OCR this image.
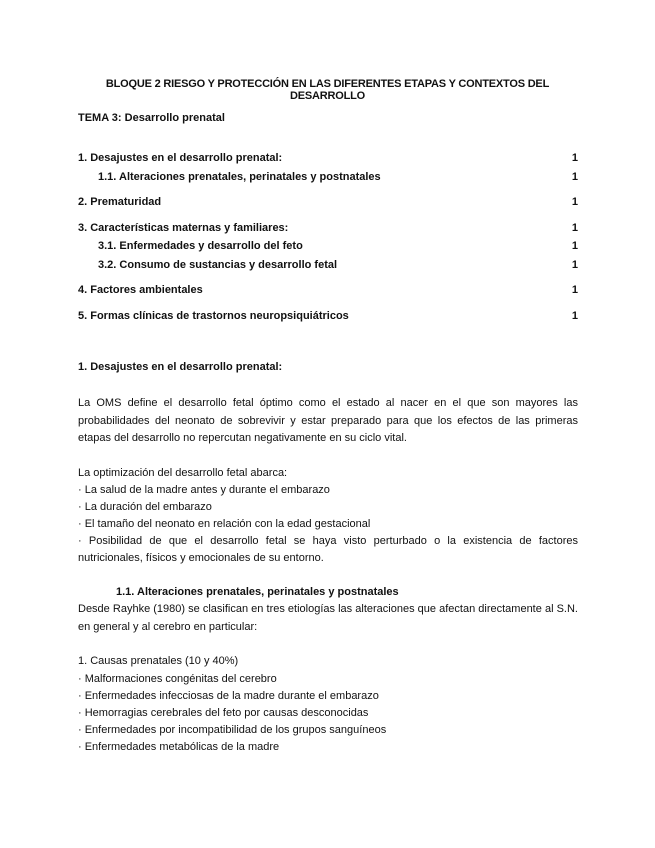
BLOQUE 2 RIESGO Y PROTECCIÓN EN LAS DIFERENTES ETAPAS Y CONTEXTOS DEL DESARROLLO
TEMA 3: Desarrollo prenatal
1. Desajustes en el desarrollo prenatal:	1
1.1. Alteraciones prenatales, perinatales y postnatales	1
2. Prematuridad	1
3. Características maternas y familiares:	1
3.1. Enfermedades y desarrollo del feto	1
3.2. Consumo de sustancias y desarrollo fetal	1
4. Factores ambientales	1
5. Formas clínicas de trastornos neuropsiquiátricos	1

1. Desajustes en el desarrollo prenatal:

La OMS define el desarrollo fetal óptimo como el estado al nacer en el que son mayores las probabilidades del neonato de sobrevivir y estar preparado para que los efectos de las primeras etapas del desarrollo no repercutan negativamente en su ciclo vital.

La optimización del desarrollo fetal abarca:

· La salud de la madre antes y durante el embarazo

· La duración del embarazo

· El tamaño del neonato en relación con la edad gestacional

· Posibilidad de que el desarrollo fetal se haya visto perturbado o la existencia de factores nutricionales, físicos y emocionales de su entorno.

1.1. Alteraciones prenatales, perinatales y postnatales

Desde Rayhke (1980) se clasifican en tres etiologías las alteraciones que afectan directamente al S.N. en general y al cerebro en particular:

1. Causas prenatales (10 y 40%)

· Malformaciones congénitas del cerebro

· Enfermedades infecciosas de la madre durante el embarazo

· Hemorragias cerebrales del feto por causas desconocidas

· Enfermedades por incompatibilidad de los grupos sanguíneos

· Enfermedades metabólicas de la madre
